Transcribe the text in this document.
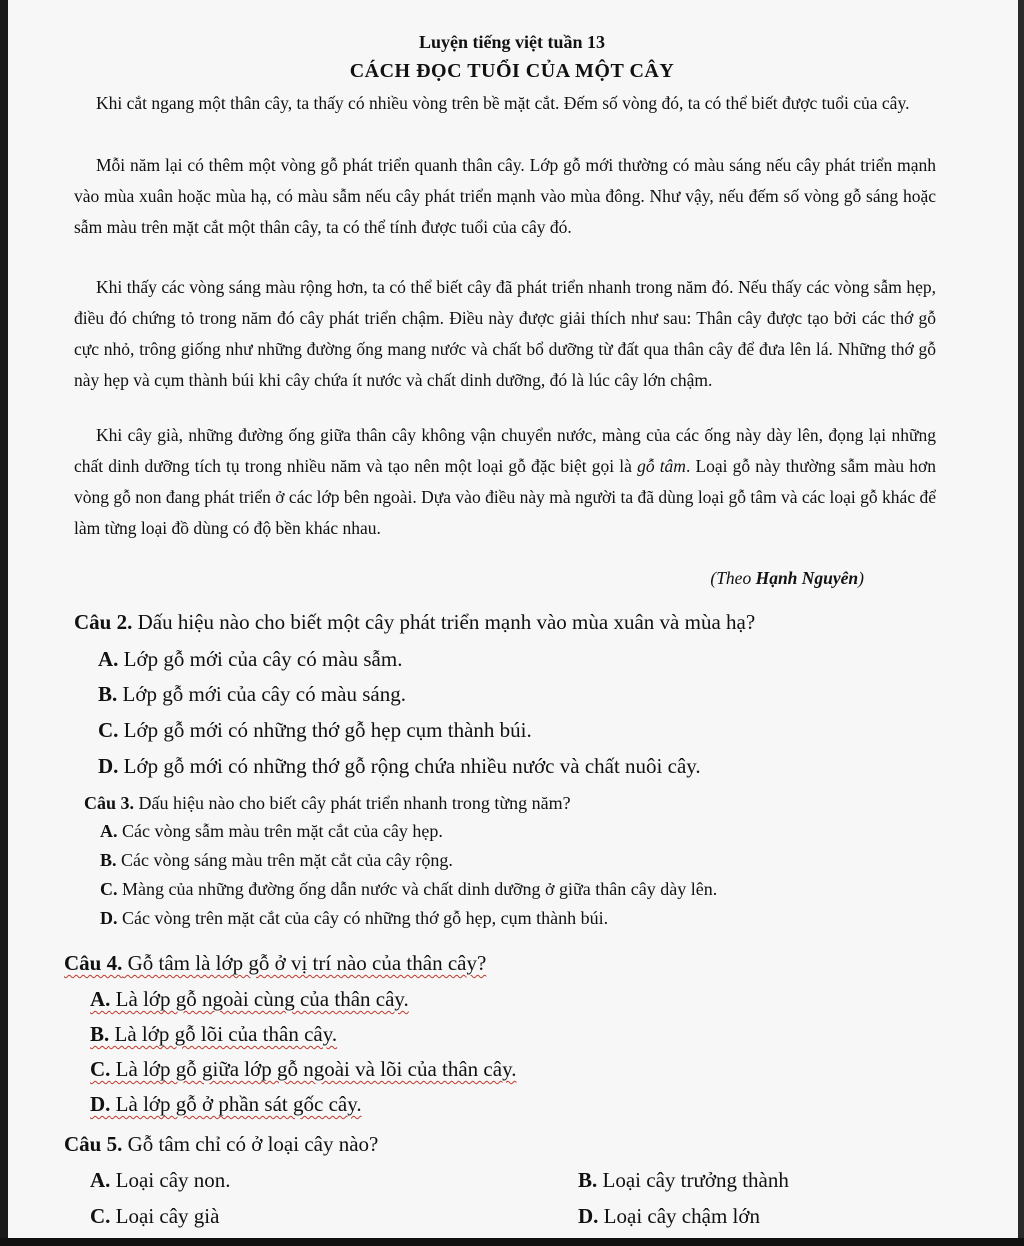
Luyện tiếng việt tuần 13
CÁCH ĐỌC TUỔI CỦA MỘT CÂY

Khi cắt ngang một thân cây, ta thấy có nhiều vòng trên bề mặt cắt. Đếm số vòng đó, ta có thể biết được tuổi của cây.

Mỗi năm lại có thêm một vòng gỗ phát triển quanh thân cây. Lớp gỗ mới thường có màu sáng nếu cây phát triển mạnh vào mùa xuân hoặc mùa hạ, có màu sẫm nếu cây phát triển mạnh vào mùa đông. Như vậy, nếu đếm số vòng gỗ sáng hoặc sẫm màu trên mặt cắt một thân cây, ta có thể tính được tuổi của cây đó.

Khi thấy các vòng sáng màu rộng hơn, ta có thể biết cây đã phát triển nhanh trong năm đó. Nếu thấy các vòng sẫm hẹp, điều đó chứng tỏ trong năm đó cây phát triển chậm. Điều này được giải thích như sau: Thân cây được tạo bởi các thớ gỗ cực nhỏ, trông giống như những đường ống mang nước và chất bổ dưỡng từ đất qua thân cây để đưa lên lá. Những thớ gỗ này hẹp và cụm thành búi khi cây chứa ít nước và chất dinh dưỡng, đó là lúc cây lớn chậm.

Khi cây già, những đường ống giữa thân cây không vận chuyển nước, màng của các ống này dày lên, đọng lại những chất dinh dưỡng tích tụ trong nhiều năm và tạo nên một loại gỗ đặc biệt gọi là gỗ tâm. Loại gỗ này thường sẫm màu hơn vòng gỗ non đang phát triển ở các lớp bên ngoài. Dựa vào điều này mà người ta đã dùng loại gỗ tâm và các loại gỗ khác để làm từng loại đồ dùng có độ bền khác nhau.

(Theo Hạnh Nguyên)
Câu 2. Dấu hiệu nào cho biết một cây phát triển mạnh vào mùa xuân và mùa hạ?
A. Lớp gỗ mới của cây có màu sẫm.
B. Lớp gỗ mới của cây có màu sáng.
C. Lớp gỗ mới có những thớ gỗ hẹp cụm thành búi.
D. Lớp gỗ mới có những thớ gỗ rộng chứa nhiều nước và chất nuôi cây.
Câu 3. Dấu hiệu nào cho biết cây phát triển nhanh trong từng năm?
A. Các vòng sẫm màu trên mặt cắt của cây hẹp.
B. Các vòng sáng màu trên mặt cắt của cây rộng.
C. Màng của những đường ống dẫn nước và chất dinh dưỡng ở giữa thân cây dày lên.
D. Các vòng trên mặt cắt của cây có những thớ gỗ hẹp, cụm thành búi.
Câu 4. Gỗ tâm là lớp gỗ ở vị trí nào của thân cây?
A. Là lớp gỗ ngoài cùng của thân cây.
B. Là lớp gỗ lõi của thân cây.
C. Là lớp gỗ giữa lớp gỗ ngoài và lõi của thân cây.
D. Là lớp gỗ ở phần sát gốc cây.
Câu 5. Gỗ tâm chỉ có ở loại cây nào?
A. Loại cây non.	B. Loại cây trưởng thành
C. Loại cây già	D. Loại cây chậm lớn
